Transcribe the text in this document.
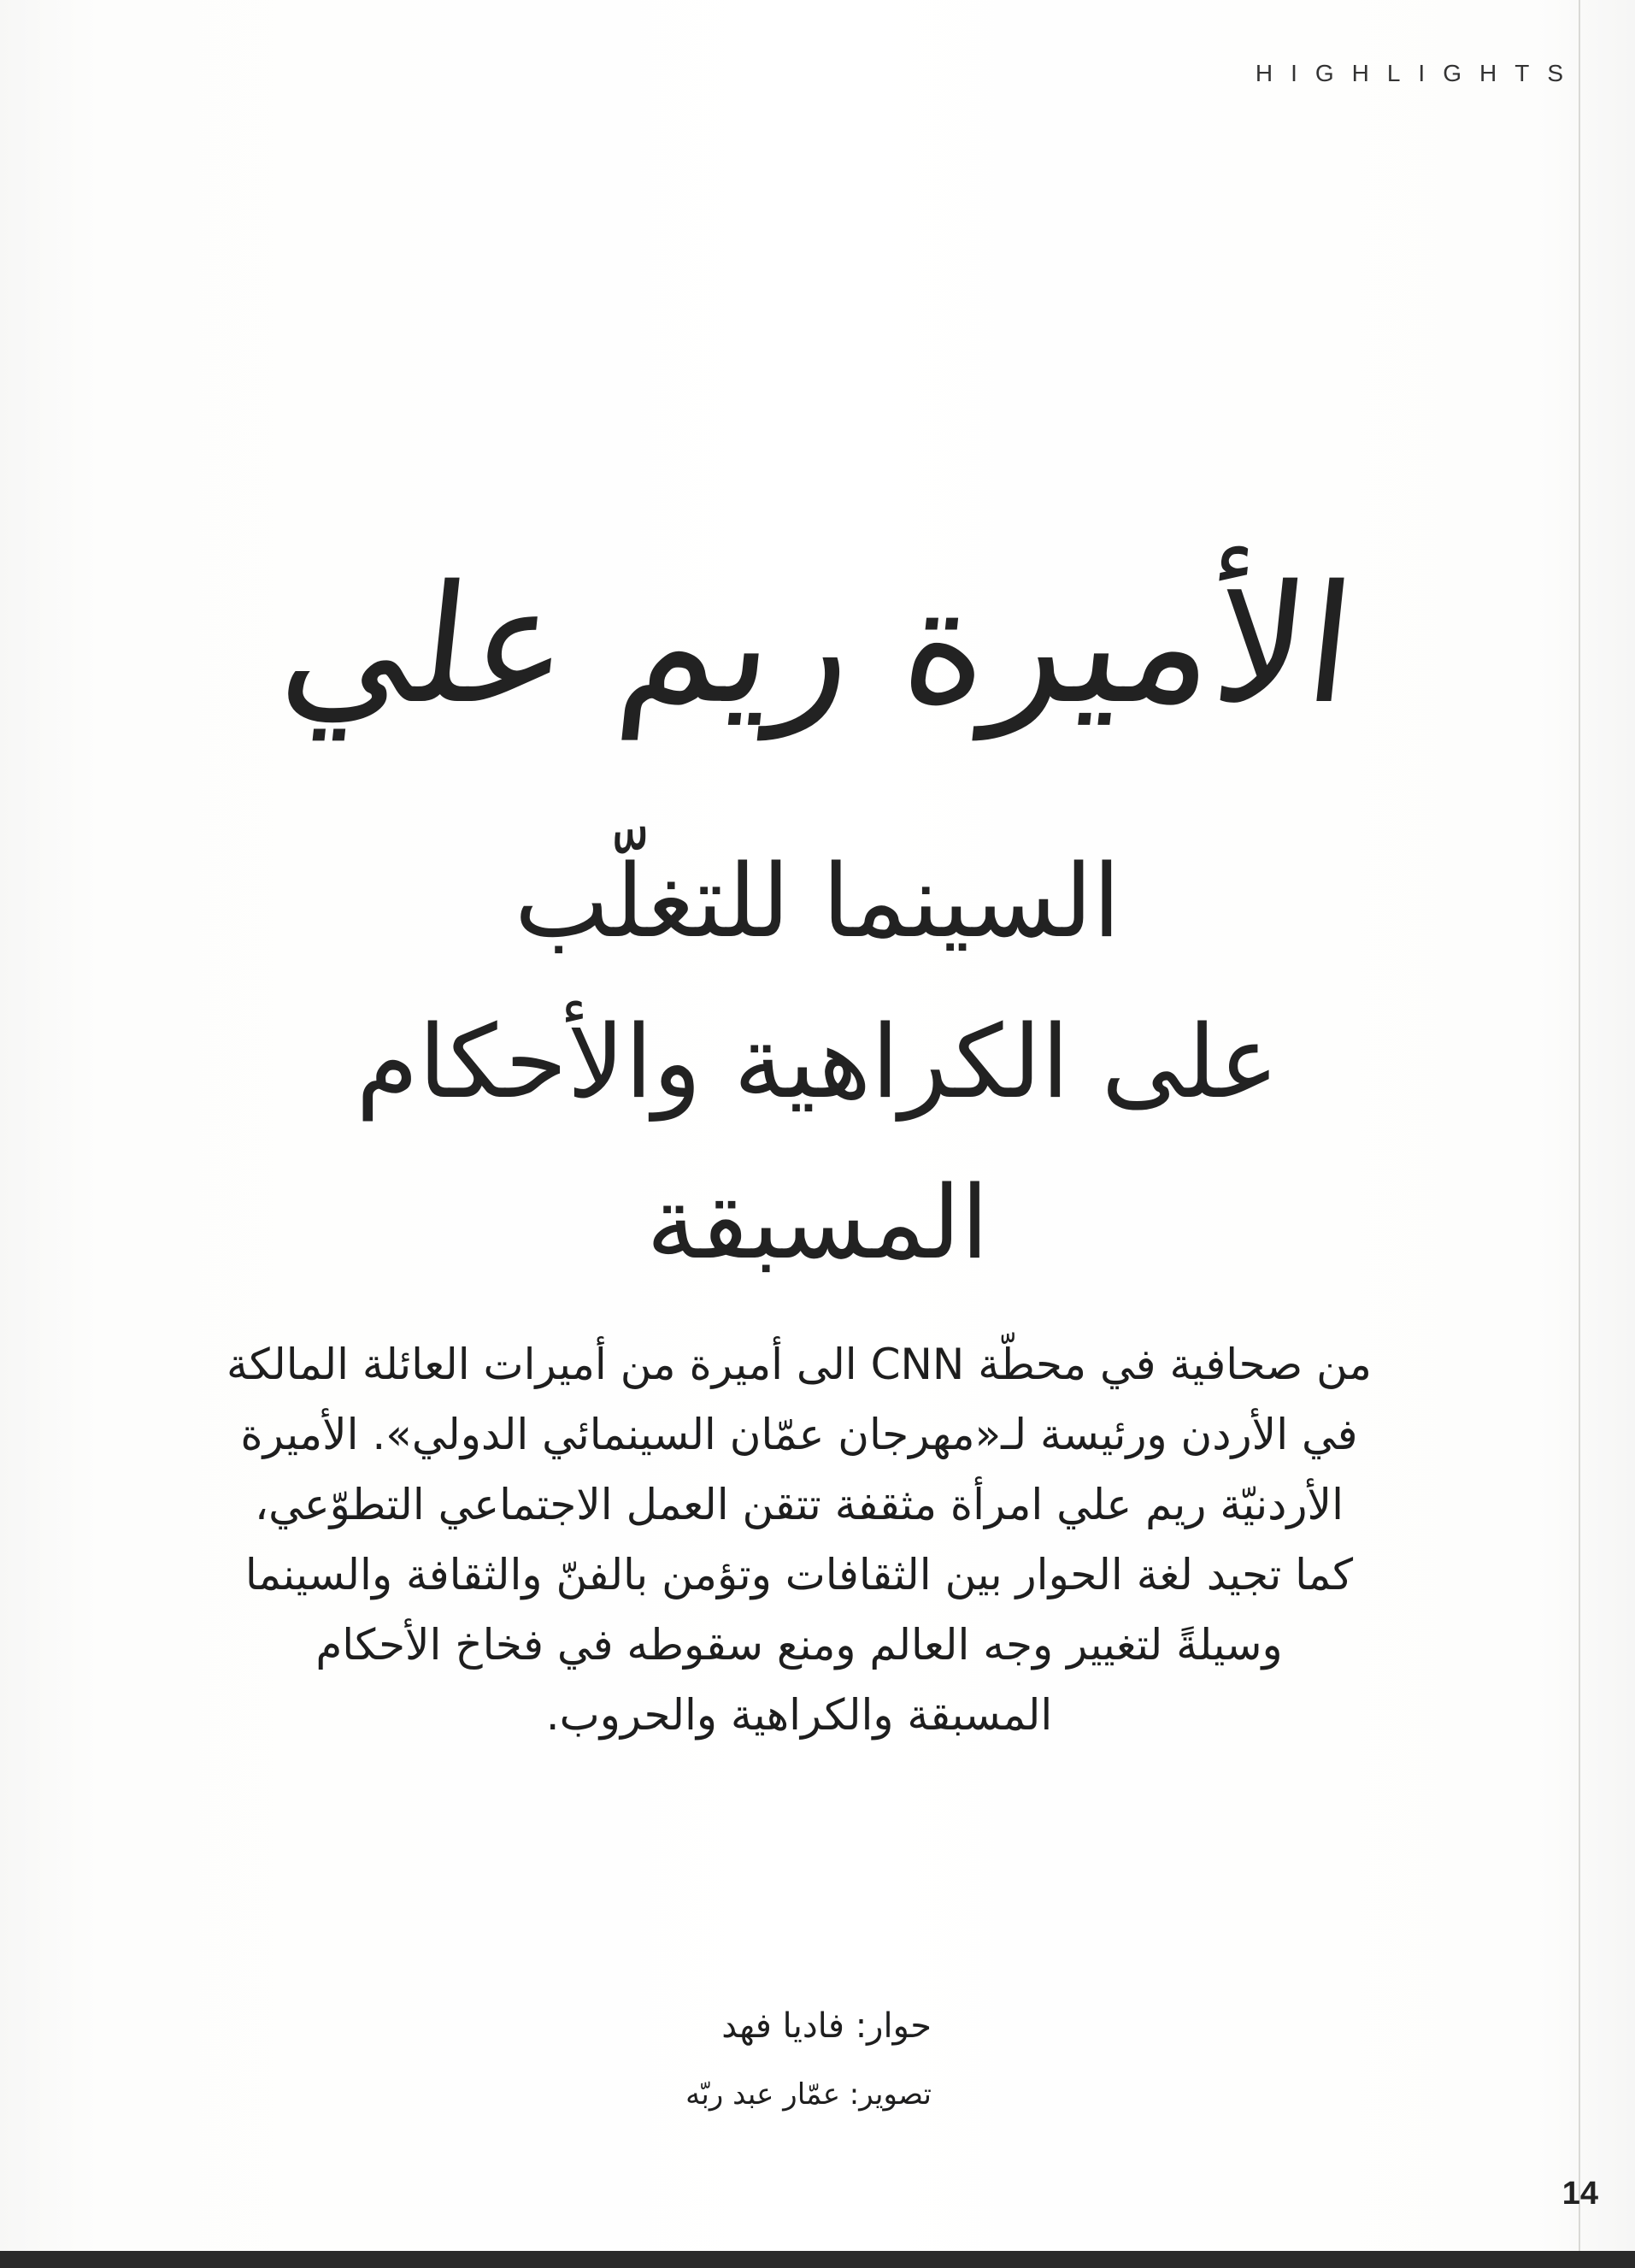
HIGHLIGHTS
الأميرة ريم علي
السينما للتغلّب
على الكراهية والأحكام
المسبقة
من صحافية في محطّة CNN الى أميرة من أميرات العائلة المالكة
في الأردن ورئيسة لـ«مهرجان عمّان السينمائي الدولي». الأميرة
الأردنيّة ريم علي امرأة مثقفة تتقن العمل الاجتماعي التطوّعي،
كما تجيد لغة الحوار بين الثقافات وتؤمن بالفنّ والثقافة والسينما
وسيلةً لتغيير وجه العالم ومنع سقوطه في فخاخ الأحكام
المسبقة والكراهية والحروب.
حوار: فاديا فهد
تصوير: عمّار عبد ربّه
14
